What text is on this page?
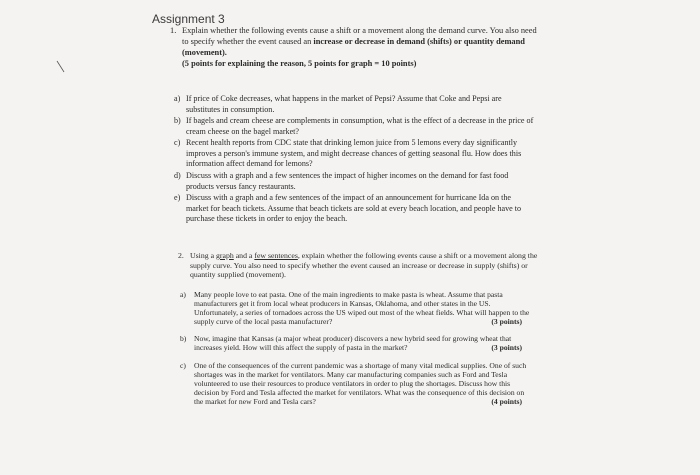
Assignment 3
1. Explain whether the following events cause a shift or a movement along the demand curve. You also need to specify whether the event caused an increase or decrease in demand (shifts) or quantity demand (movement).
(5 points for explaining the reason, 5 points for graph = 10 points)
a) If price of Coke decreases, what happens in the market of Pepsi? Assume that Coke and Pepsi are substitutes in consumption.
b) If bagels and cream cheese are complements in consumption, what is the effect of a decrease in the price of cream cheese on the bagel market?
c) Recent health reports from CDC state that drinking lemon juice from 5 lemons every day significantly improves a person's immune system, and might decrease chances of getting seasonal flu. How does this information affect demand for lemons?
d) Discuss with a graph and a few sentences the impact of higher incomes on the demand for fast food products versus fancy restaurants.
e) Discuss with a graph and a few sentences of the impact of an announcement for hurricane Ida on the market for beach tickets. Assume that beach tickets are sold at every beach location, and people have to purchase these tickets in order to enjoy the beach.
2. Using a graph and a few sentences, explain whether the following events cause a shift or a movement along the supply curve. You also need to specify whether the event caused an increase or decrease in supply (shifts) or quantity supplied (movement).
a) Many people love to eat pasta. One of the main ingredients to make pasta is wheat. Assume that pasta manufacturers get it from local wheat producers in Kansas, Oklahoma, and other states in the US. Unfortunately, a series of tornadoes across the US wiped out most of the wheat fields. What will happen to the supply curve of the local pasta manufacturer?	(3 points)
b) Now, imagine that Kansas (a major wheat producer) discovers a new hybrid seed for growing wheat that increases yield. How will this affect the supply of pasta in the market?	(3 points)
c) One of the consequences of the current pandemic was a shortage of many vital medical supplies. One of such shortages was in the market for ventilators. Many car manufacturing companies such as Ford and Tesla volunteered to use their resources to produce ventilators in order to plug the shortages. Discuss how this decision by Ford and Tesla affected the market for ventilators. What was the consequence of this decision on the market for new Ford and Tesla cars?	(4 points)
